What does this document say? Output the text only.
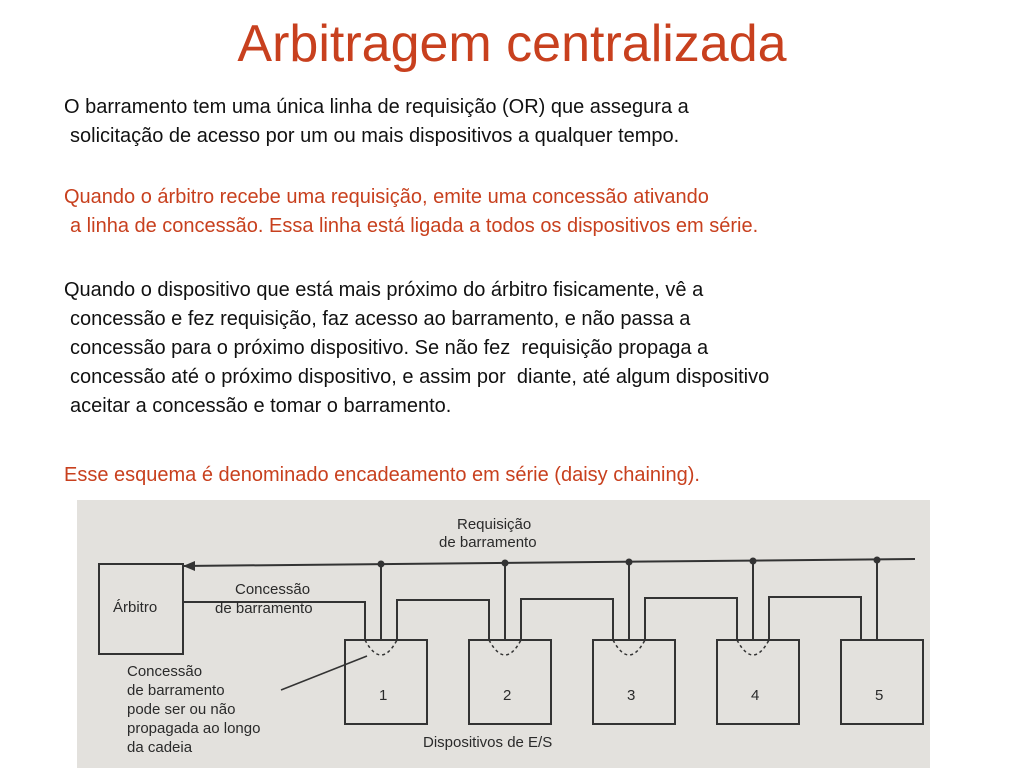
Arbitragem centralizada
O barramento tem uma única linha de requisição (OR) que assegura a
solicitação de acesso por um ou mais dispositivos a qualquer tempo.
Quando o árbitro recebe uma requisição, emite uma concessão ativando
a linha de concessão. Essa linha está ligada a todos os dispositivos em série.
Quando o dispositivo que está mais próximo do árbitro fisicamente, vê a
concessão e fez requisição, faz acesso ao barramento, e não passa a
concessão para o próximo dispositivo. Se não fez  requisição propaga a
concessão até o próximo dispositivo, e assim por  diante, até algum dispositivo
aceitar a concessão e tomar o barramento.
Esse esquema é denominado encadeamento em série (daisy chaining).
Árbitro
Requisição
de barramento
Concessão
de barramento
1	2	3	4	5
Concessão
de barramento
pode ser ou não
propagada ao longo
da cadeia	Dispositivos de E/S
